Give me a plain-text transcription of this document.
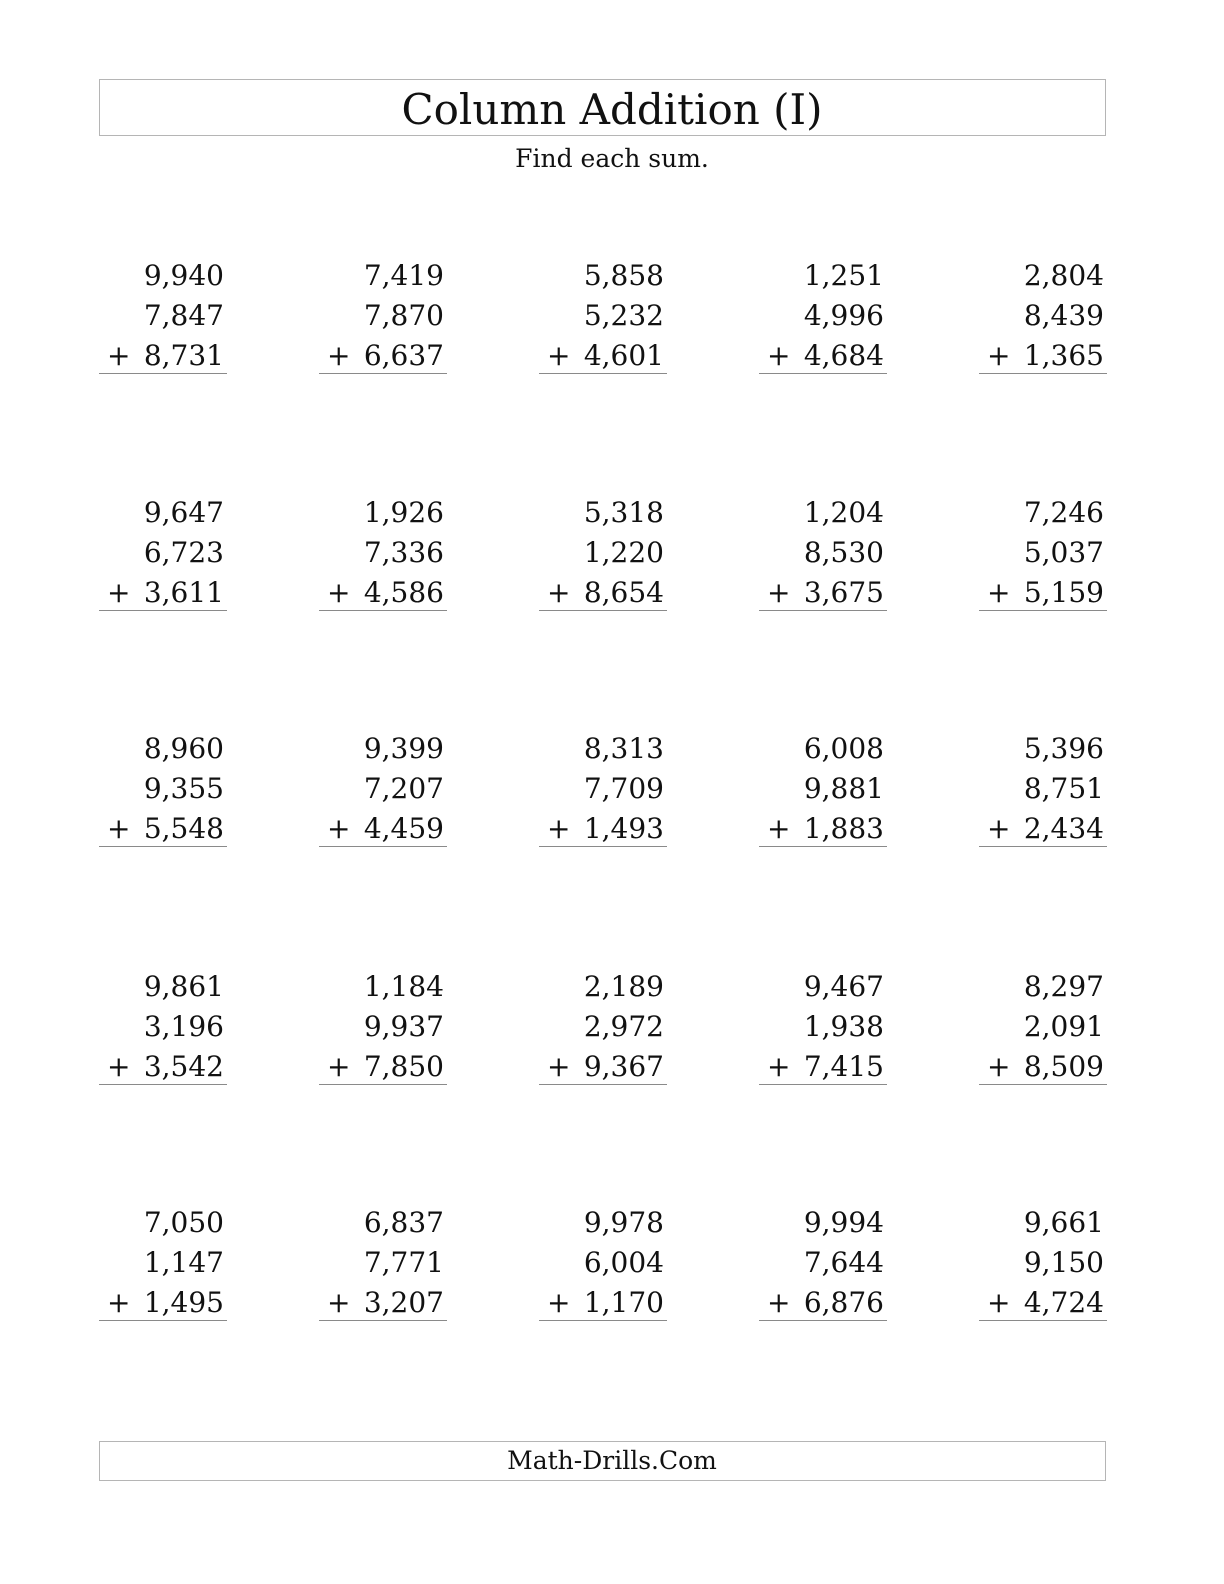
Column Addition (I)
Find each sum.
9,940
7,847
8,731
+
7,419
7,870
6,637
+
5,858
5,232
4,601
+
1,251
4,996
4,684
+
2,804
8,439
1,365
+
9,647
6,723
3,611
+
1,926
7,336
4,586
+
5,318
1,220
8,654
+
1,204
8,530
3,675
+
7,246
5,037
5,159
+
8,960
9,355
5,548
+
9,399
7,207
4,459
+
8,313
7,709
1,493
+
6,008
9,881
1,883
+
5,396
8,751
2,434
+
9,861
3,196
3,542
+
1,184
9,937
7,850
+
2,189
2,972
9,367
+
9,467
1,938
7,415
+
8,297
2,091
8,509
+
7,050
1,147
1,495
+
6,837
7,771
3,207
+
9,978
6,004
1,170
+
9,994
7,644
6,876
+
9,661
9,150
4,724
+
Math-Drills.Com
